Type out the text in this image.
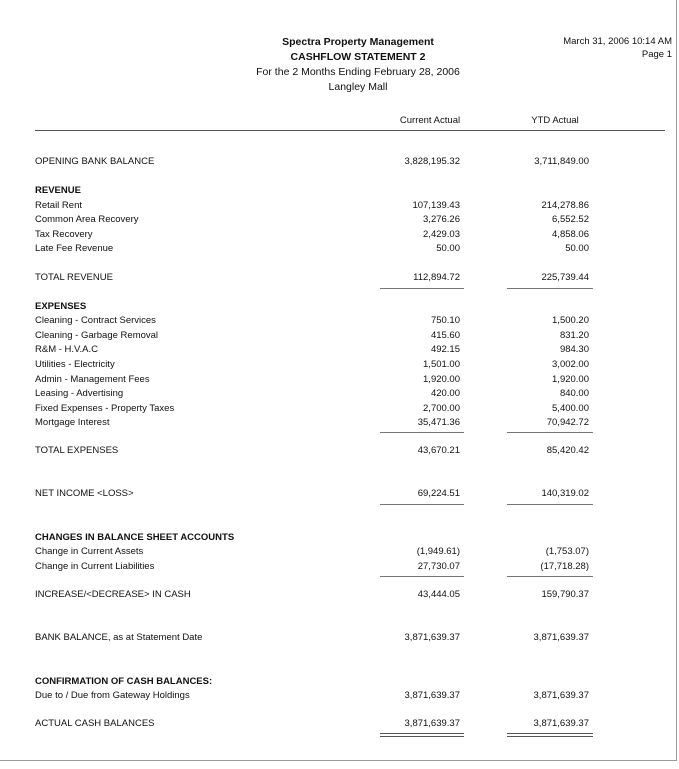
Spectra Property Management
CASHFLOW STATEMENT 2
For the 2 Months Ending February 28, 2006
Langley Mall
March 31, 2006 10:14 AM
Page 1
Current Actual	YTD Actual
OPENING BANK BALANCE	3,828,195.32	3,711,849.00
REVENUE
Retail Rent	107,139.43	214,278.86
Common Area Recovery	3,276.26	6,552.52
Tax Recovery	2,429.03	4,858.06
Late Fee Revenue	50.00	50.00
TOTAL REVENUE	112,894.72	225,739.44
EXPENSES
Cleaning - Contract Services	750.10	1,500.20
Cleaning - Garbage Removal	415.60	831.20
R&M - H.V.A.C	492.15	984.30
Utilities - Electricity	1,501.00	3,002.00
Admin - Management Fees	1,920.00	1,920.00
Leasing - Advertising	420.00	840.00
Fixed Expenses - Property Taxes	2,700.00	5,400.00
Mortgage Interest	35,471.36	70,942.72
TOTAL EXPENSES	43,670.21	85,420.42
NET INCOME <LOSS>	69,224.51	140,319.02
CHANGES IN BALANCE SHEET ACCOUNTS
Change in Current Assets	(1,949.61)	(1,753.07)
Change in Current Liabilities	27,730.07	(17,718.28)
INCREASE/<DECREASE> IN CASH	43,444.05	159,790.37
BANK BALANCE, as at Statement Date	3,871,639.37	3,871,639.37
CONFIRMATION OF CASH BALANCES:
Due to / Due from Gateway Holdings	3,871,639.37	3,871,639.37
ACTUAL CASH BALANCES	3,871,639.37	3,871,639.37
